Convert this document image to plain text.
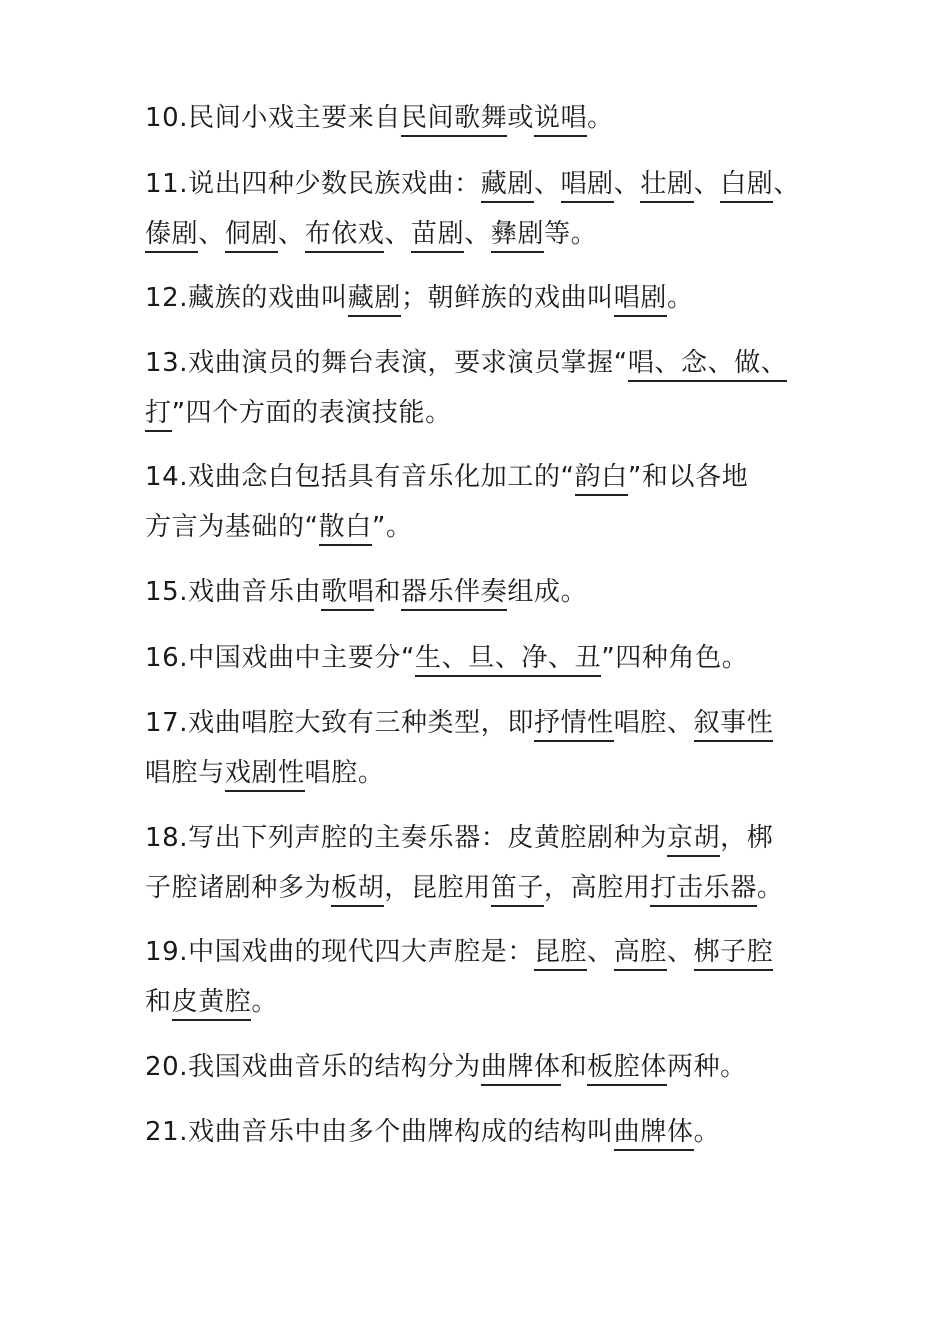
10.民间小戏主要来自民间歌舞或说唱。
11.说出四种少数民族戏曲：藏剧、唱剧、壮剧、白剧、
傣剧、侗剧、布依戏、苗剧、彝剧等。
12.藏族的戏曲叫藏剧；朝鲜族的戏曲叫唱剧。
13.戏曲演员的舞台表演，要求演员掌握“唱、念、做、
打”四个方面的表演技能。
14.戏曲念白包括具有音乐化加工的“韵白”和以各地
方言为基础的“散白”。
15.戏曲音乐由歌唱和器乐伴奏组成。
16.中国戏曲中主要分“生、旦、净、丑”四种角色。
17.戏曲唱腔大致有三种类型，即抒情性唱腔、叙事性
唱腔与戏剧性唱腔。
18.写出下列声腔的主奏乐器：皮黄腔剧种为京胡，梆
子腔诸剧种多为板胡，昆腔用笛子，高腔用打击乐器。
19.中国戏曲的现代四大声腔是：昆腔、高腔、梆子腔
和皮黄腔。
20.我国戏曲音乐的结构分为曲牌体和板腔体两种。
21.戏曲音乐中由多个曲牌构成的结构叫曲牌体。
